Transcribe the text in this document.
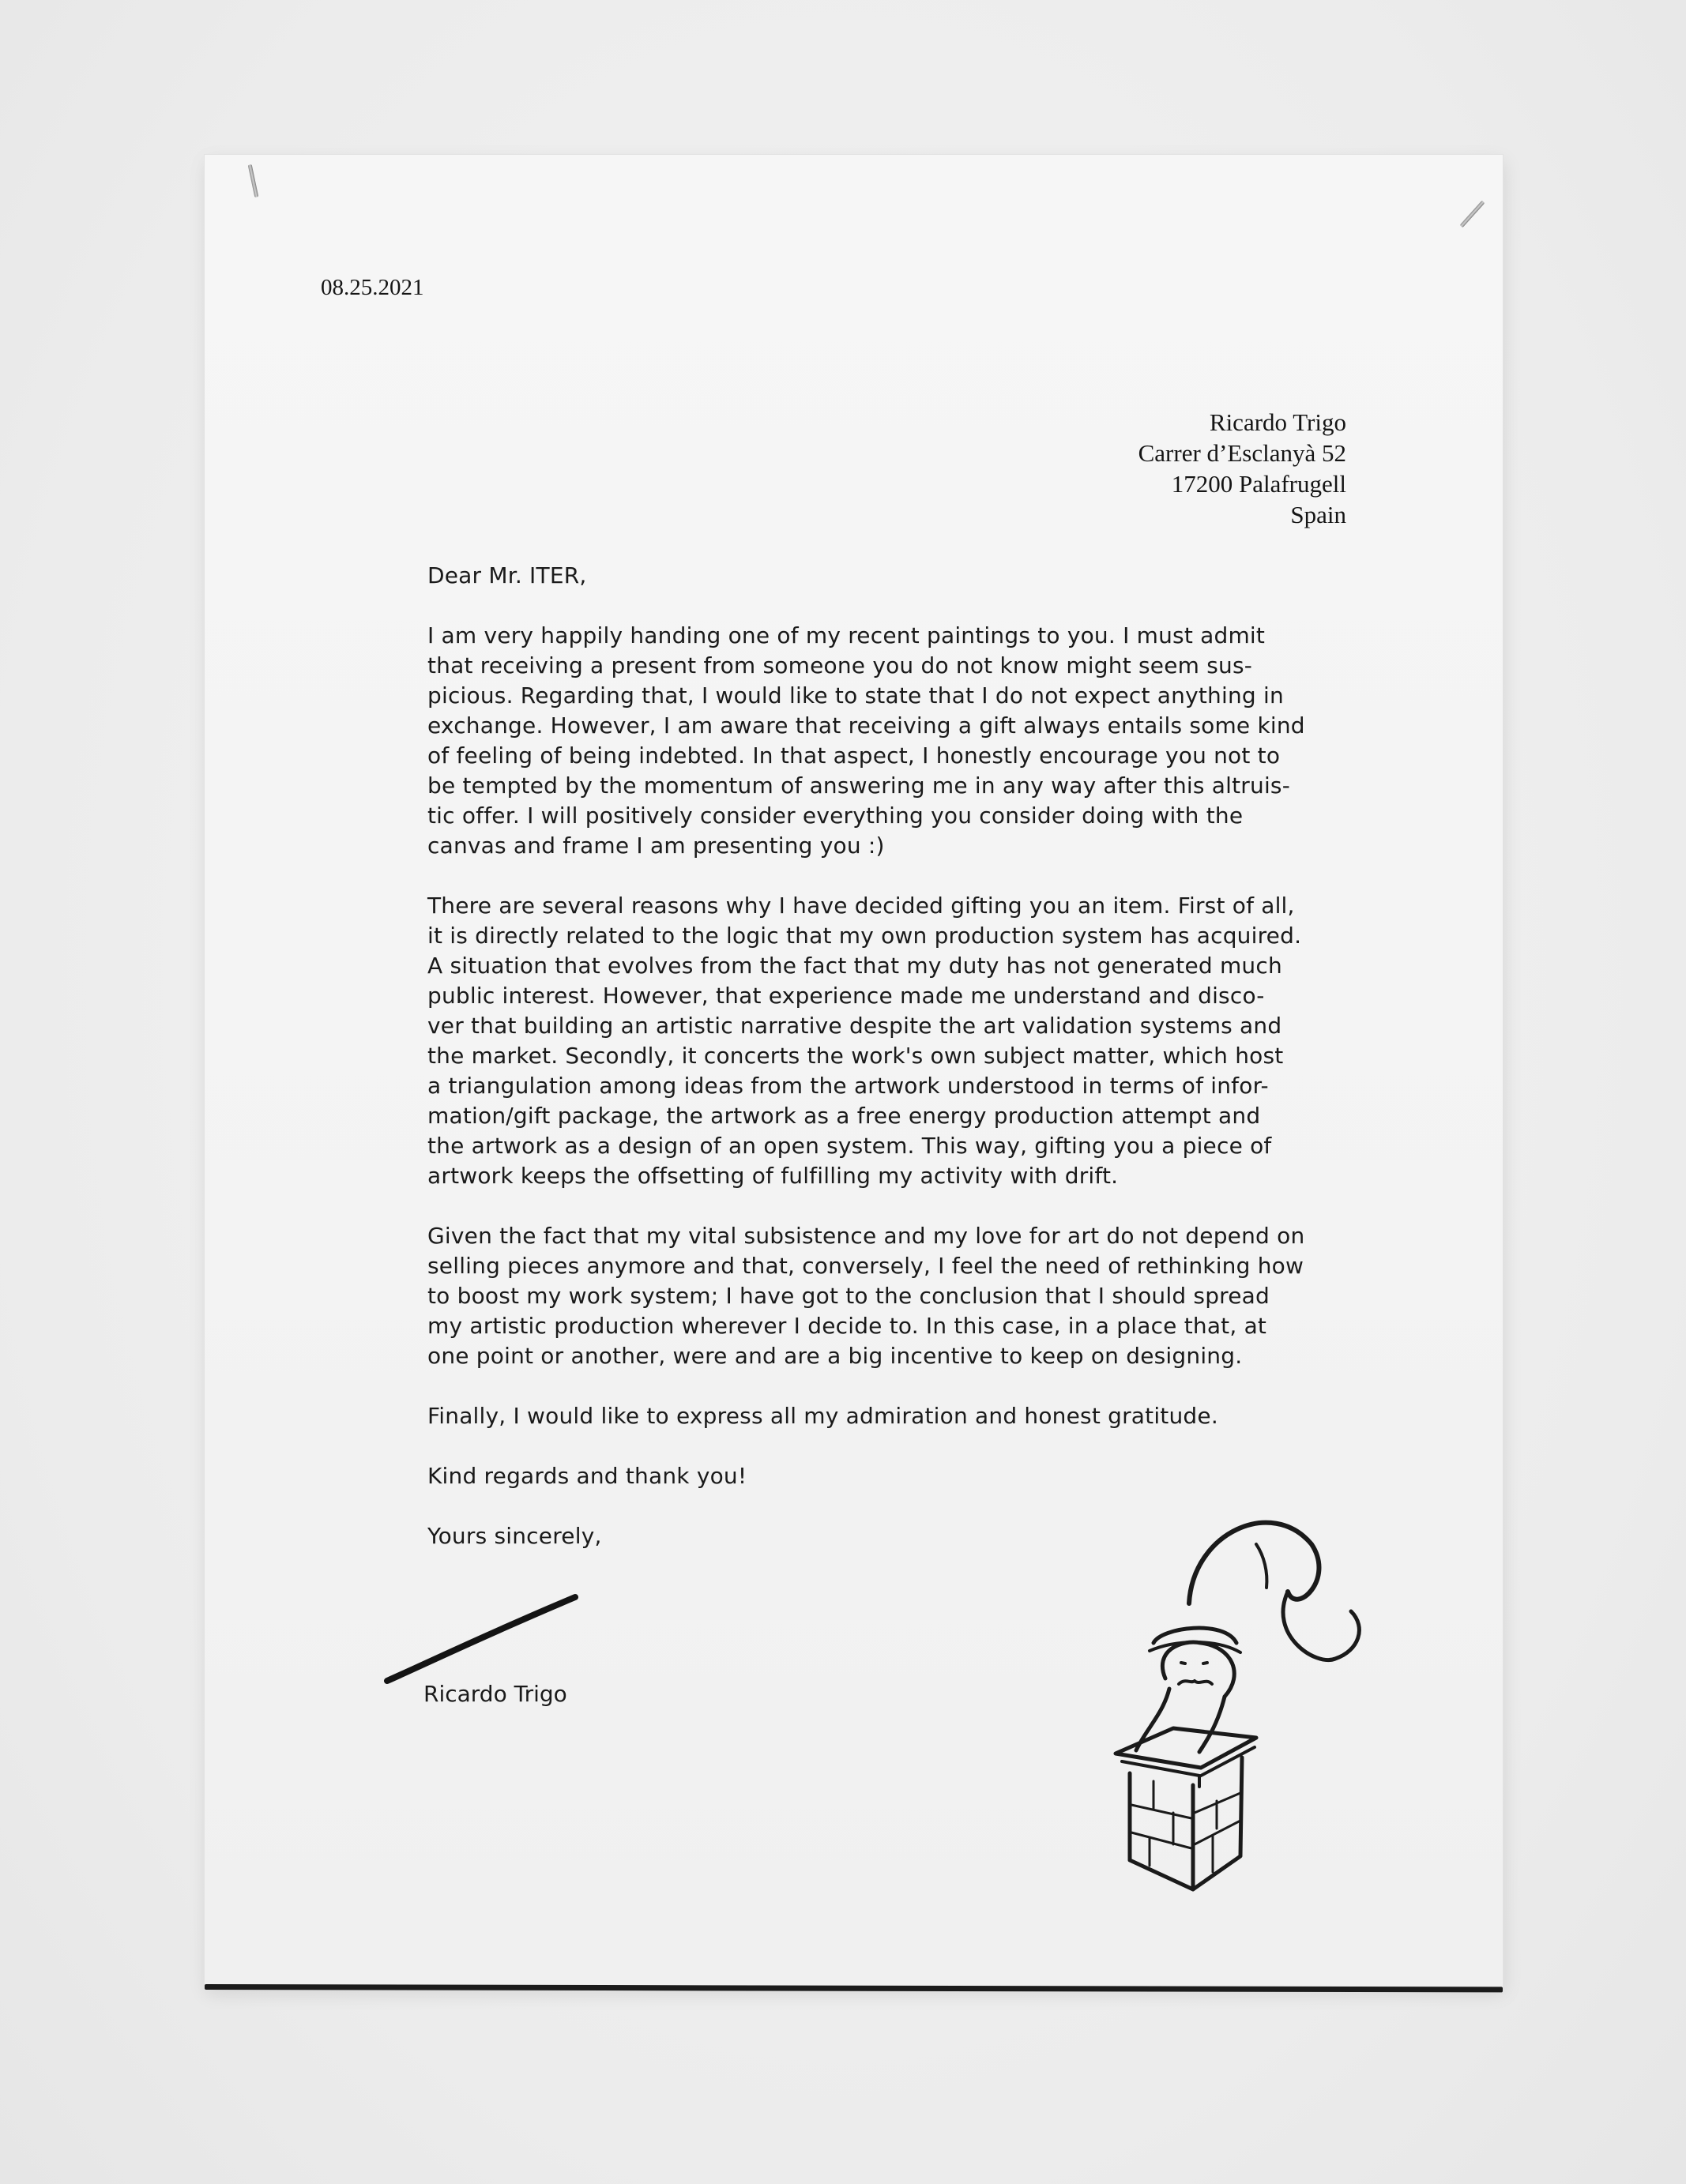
08.25.2021
Ricardo Trigo
Carrer d’Esclanyà 52
17200 Palafrugell
Spain

Dear Mr. ITER,

I am very happily handing one of my recent paintings to you. I must admit

that receiving a present from someone you do not know might seem sus-

picious. Regarding that, I would like to state that I do not expect anything in

exchange. However, I am aware that receiving a gift always entails some kind

of feeling of being indebted. In that aspect, I honestly encourage you not to

be tempted by the momentum of answering me in any way after this altruis-

tic offer. I will positively consider everything you consider doing with the

canvas and frame I am presenting you :)

There are several reasons why I have decided gifting you an item. First of all,

it is directly related to the logic that my own production system has acquired.

A situation that evolves from the fact that my duty has not generated much

public interest. However, that experience made me understand and disco-

ver that building an artistic narrative despite the art validation systems and

the market. Secondly, it concerts the work's own subject matter, which host

a triangulation among ideas from the artwork understood in terms of infor-

mation/gift package, the artwork as a free energy production attempt and

the artwork as a design of an open system. This way, gifting you a piece of

artwork keeps the offsetting of fulfilling my activity with drift.

Given the fact that my vital subsistence and my love for art do not depend on

selling pieces anymore and that, conversely, I feel the need of rethinking how

to boost my work system; I have got to the conclusion that I should spread

my artistic production wherever I decide to. In this case, in a place that, at

one point or another, were and are a big incentive to keep on designing.

Finally, I would like to express all my admiration and honest gratitude.

Kind regards and thank you!

Yours sincerely,

Ricardo Trigo
